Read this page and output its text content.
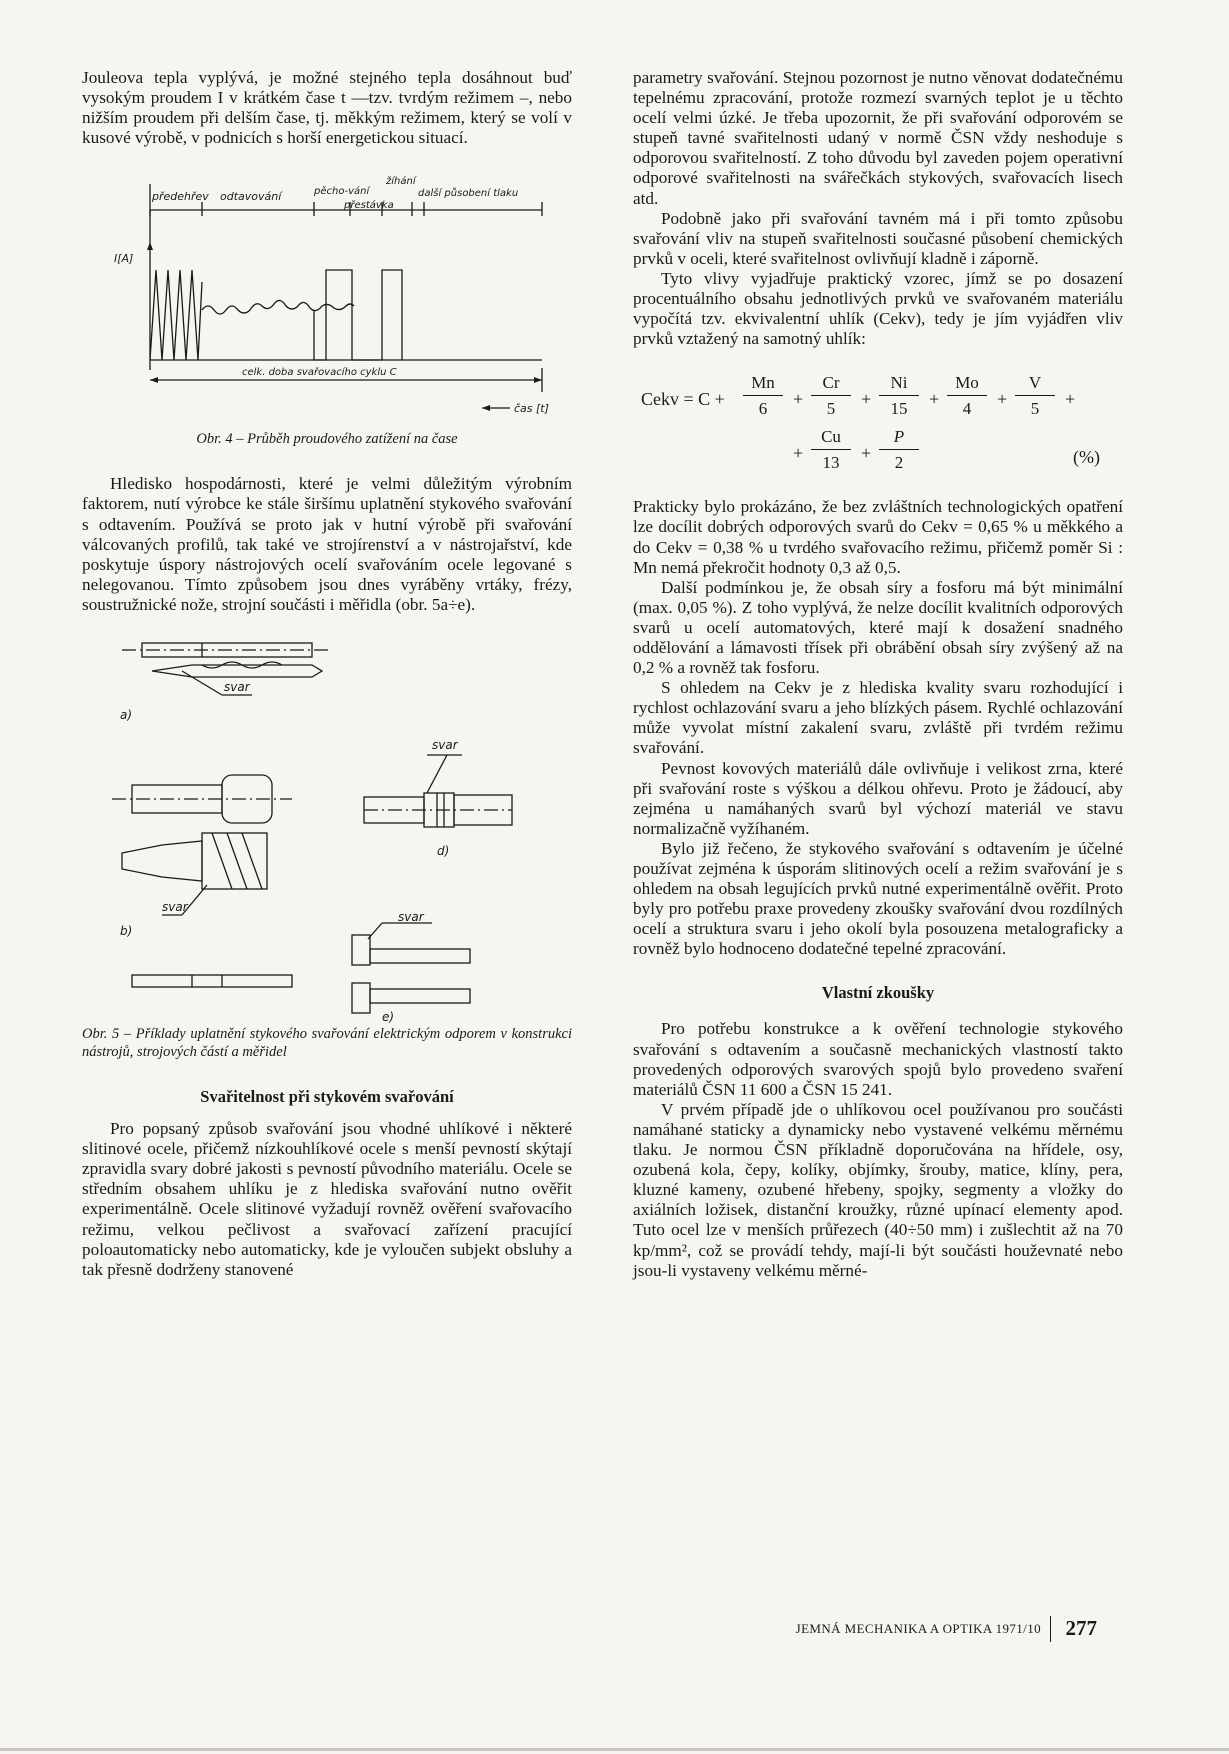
Jouleova tepla vyplývá, je možné stejného tepla dosáhnout buď vysokým proudem I v krátkém čase t —tzv. tvrdým režimem –, nebo nižším proudem při delším čase, tj. měkkým režimem, který se volí v kusové výrobě, v podnicích s horší energetickou situací.

předehřev odtavování	pěcho-vání
přestávka
žíhání
další působení tlaku
I[A]
celk. doba svařovacího cyklu C
čas [t]

Obr. 4 – Průběh proudového zatížení na čase

Hledisko hospodárnosti, které je velmi důležitým výrobním faktorem, nutí výrobce ke stále širšímu uplatnění stykového svařování s odtavením. Používá se proto jak v hutní výrobě při svařování válcovaných profilů, tak také ve strojírenství a v nástrojařství, kde poskytuje úspory nástrojových ocelí svařováním ocele legované s nelegovanou. Tímto způsobem jsou dnes vyráběny vrtáky, frézy, soustružnické nože, strojní součásti i měřidla (obr. 5a÷e).

svar
a)
svar
b)
svar
d)
svar
e)

Obr. 5 – Příklady uplatnění stykového svařování elektrickým odporem v konstrukci nástrojů, strojových částí a měřidel

Svařitelnost při stykovém svařování

Pro popsaný způsob svařování jsou vhodné uhlíkové i některé slitinové ocele, přičemž nízkouhlíkové ocele s menší pevností skýtají zpravidla svary dobré jakosti s pevností původního materiálu. Ocele se středním obsahem uhlíku je z hlediska svařování nutno ověřit experimentálně. Ocele slitinové vyžadují rovněž ověření svařovacího režimu, velkou pečlivost a svařovací zařízení pracující poloautomaticky nebo automaticky, kde je vyloučen subjekt obsluhy a tak přesně dodrženy stanovené

parametry svařování. Stejnou pozornost je nutno věnovat dodatečnému tepelnému zpracování, protože rozmezí svarných teplot je u těchto ocelí velmi úzké. Je třeba upozornit, že při svařování odporovém se stupeň tavné svařitelnosti udaný v normě ČSN vždy neshoduje s odporovou svařitelností. Z toho důvodu byl zaveden pojem operativní odporové svařitelnosti na svářečkách stykových, svařovacích lisech atd.

Podobně jako při svařování tavném má i při tomto způsobu svařování vliv na stupeň svařitelnosti současné působení chemických prvků v oceli, které svařitelnost ovlivňují kladně i záporně.

Tyto vlivy vyjadřuje praktický vzorec, jímž se po dosazení procentuálního obsahu jednotlivých prvků ve svařovaném materiálu vypočítá tzv. ekvivalentní uhlík (Cekv), tedy je jím vyjádřen vliv prvků vztažený na samotný uhlík:

Cekv = C +
Mn
6	+
Cr
5	+
Ni
15	+
Mo
4	+
V
5	+
+
Cu
13	+
P
2	(%)

Prakticky bylo prokázáno, že bez zvláštních technologických opatření lze docílit dobrých odporových svarů do Cekv = 0,65 % u měkkého a do Cekv = 0,38 % u tvrdého svařovacího režimu, přičemž poměr Si : Mn nemá překročit hodnoty 0,3 až 0,5.

Další podmínkou je, že obsah síry a fosforu má být minimální (max. 0,05 %). Z toho vyplývá, že nelze docílit kvalitních odporových svarů u ocelí automatových, které mají k dosažení snadného oddělování a lámavosti třísek při obrábění obsah síry zvýšený až na 0,2 % a rovněž tak fosforu.

S ohledem na Cekv je z hlediska kvality svaru rozhodující i rychlost ochlazování svaru a jeho blízkých pásem. Rychlé ochlazování může vyvolat místní zakalení svaru, zvláště při tvrdém režimu svařování.

Pevnost kovových materiálů dále ovlivňuje i velikost zrna, které při svařování roste s výškou a délkou ohřevu. Proto je žádoucí, aby zejména u namáhaných svarů byl výchozí materiál ve stavu normalizačně vyžíhaném.

Bylo již řečeno, že stykového svařování s odtavením je účelné používat zejména k úsporám slitinových ocelí a režim svařování je s ohledem na obsah legujících prvků nutné experimentálně ověřit. Proto byly pro potřebu praxe provedeny zkoušky svařování dvou rozdílných ocelí a struktura svaru i jeho okolí byla posouzena metalograficky a rovněž bylo hodnoceno dodatečné tepelné zpracování.

Vlastní zkoušky

Pro potřebu konstrukce a k ověření technologie stykového svařování s odtavením a současně mechanických vlastností takto provedených odporových svarových spojů bylo provedeno svaření materiálů ČSN 11 600 a ČSN 15 241.

V prvém případě jde o uhlíkovou ocel používanou pro součásti namáhané staticky a dynamicky nebo vystavené velkému měrnému tlaku. Je normou ČSN příkladně doporučována na hřídele, osy, ozubená kola, čepy, kolíky, objímky, šrouby, matice, klíny, pera, kluzné kameny, ozubené hřebeny, spojky, segmenty a vložky do axiálních ložisek, distanční kroužky, různé upínací elementy apod. Tuto ocel lze v menších průřezech (40÷50 mm) i zušlechtit až na 70 kp/mm², což se provádí tehdy, mají-li být součásti houževnaté nebo jsou-li vystaveny velkému měrné-

JEMNÁ MECHANIKA A OPTIKA 1971/10 277
